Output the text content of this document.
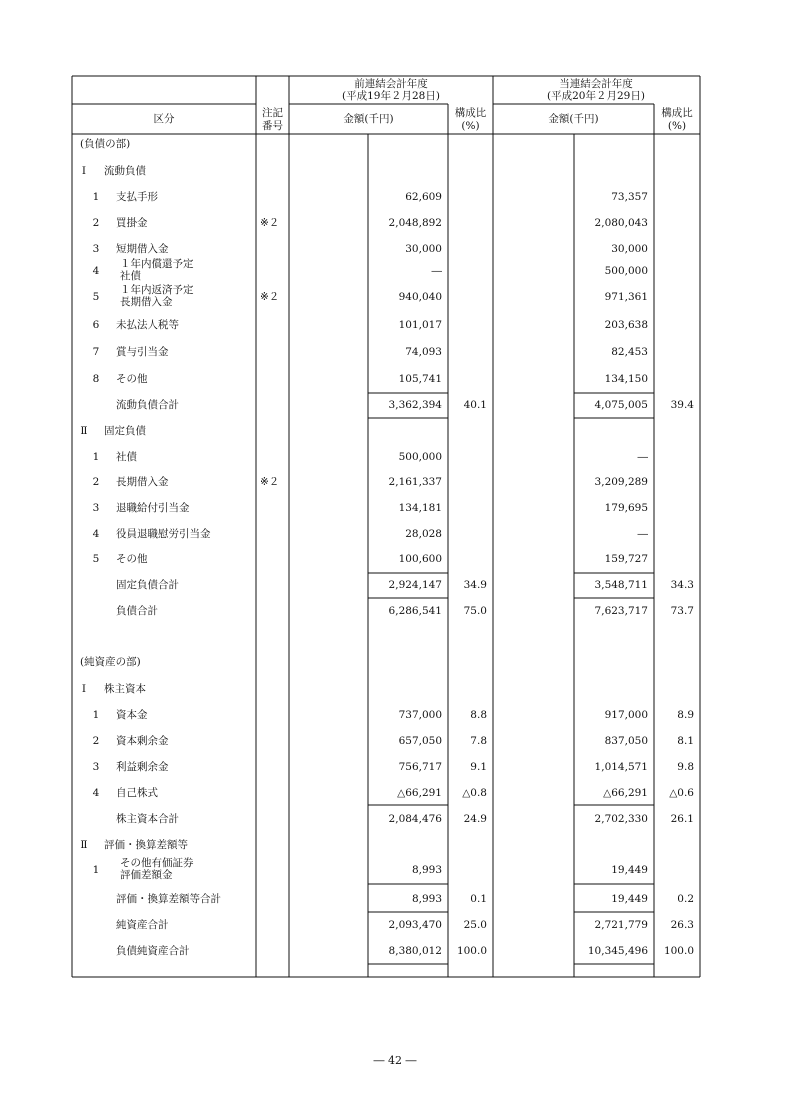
前連結会計年度
(平成19年２月28日)
当連結会計年度
(平成20年２月29日)
区分	注記
番号
金額(千円)	構成比
(%)
金額(千円)	構成比
(%)
(負債の部)
Ⅰ 流動負債
1 支払手形	62,609	73,357
2 買掛金	※２	2,048,892	2,080,043
3 短期借入金	30,000	30,000
4
１年内償還予定
社債	―	500,000
5
１年内返済予定
長期借入金	※２	940,040	971,361
6 未払法人税等	101,017	203,638
7 賞与引当金	74,093	82,453
8 その他	105,741	134,150
流動負債合計	3,362,394 40.1	4,075,005 39.4
Ⅱ 固定負債
1 社債	500,000	―
2 長期借入金	※２	2,161,337	3,209,289
3 退職給付引当金	134,181	179,695
4 役員退職慰労引当金	28,028	―
5 その他	100,600	159,727
固定負債合計	2,924,147 34.9	3,548,711 34.3
負債合計	6,286,541 75.0	7,623,717 73.7
(純資産の部)
Ⅰ 株主資本
1 資本金	737,000	8.8	917,000	8.9
2 資本剰余金	657,050	7.8	837,050	8.1
3 利益剰余金	756,717	9.1	1,014,571	9.8
4 自己株式	△66,291 △0.8	△66,291 △0.6
株主資本合計	2,084,476 24.9	2,702,330 26.1
Ⅱ 評価・換算差額等
1
その他有価証券
評価差額金	8,993	19,449
評価・換算差額等合計	8,993	0.1	19,449	0.2
純資産合計	2,093,470 25.0	2,721,779 26.3
負債純資産合計	8,380,012 100.0	10,345,496 100.0
― 42 ―
